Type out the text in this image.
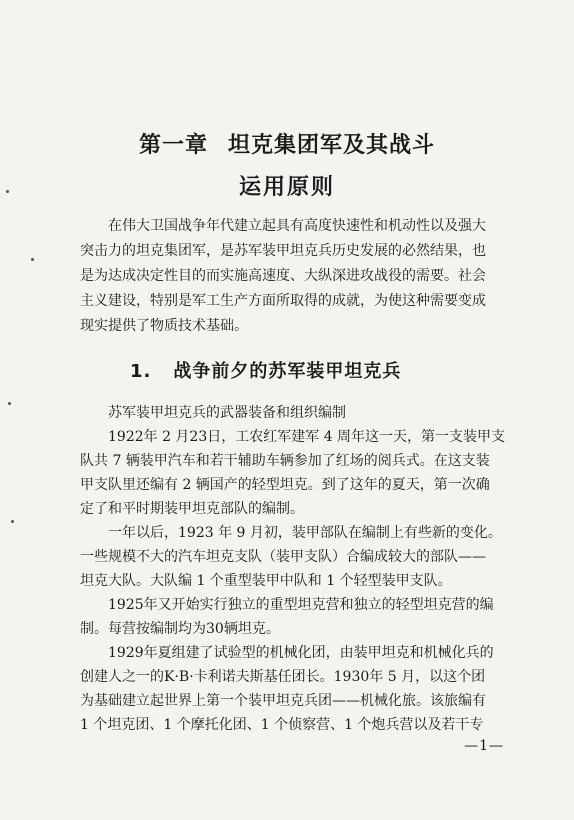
第一章 坦克集团军及其战斗
运用原则
在伟大卫国战争年代建立起具有高度快速性和机动性以及强大
突击力的坦克集团军，是苏军装甲坦克兵历史发展的必然结果，也
是为达成决定性目的而实施高速度、大纵深进攻战役的需要。社会
主义建设，特别是军工生产方面所取得的成就，为使这种需要变成
现实提供了物质技术基础。
1. 战争前夕的苏军装甲坦克兵
苏军装甲坦克兵的武器装备和组织编制
1922年 2 月23日，工农红军建军 4 周年这一天，第一支装甲支
队共 7 辆装甲汽车和若干辅助车辆参加了红场的阅兵式。在这支装
甲支队里还编有 2 辆国产的轻型坦克。到了这年的夏天，第一次确
定了和平时期装甲坦克部队的编制。
一年以后，1923 年 9 月初，装甲部队在编制上有些新的变化。
一些规模不大的汽车坦克支队（装甲支队）合编成较大的部队——
坦克大队。大队编 1 个重型装甲中队和 1 个轻型装甲支队。
1925年又开始实行独立的重型坦克营和独立的轻型坦克营的编
制。每营按编制均为30辆坦克。
1929年夏组建了试验型的机械化团，由装甲坦克和机械化兵的
创建人之一的K·B·卡利诺夫斯基任团长。1930年 5 月，以这个团
为基础建立起世界上第一个装甲坦克兵团——机械化旅。该旅编有
1 个坦克团、1 个摩托化团、1 个侦察营、1 个炮兵营以及若干专
—1—
